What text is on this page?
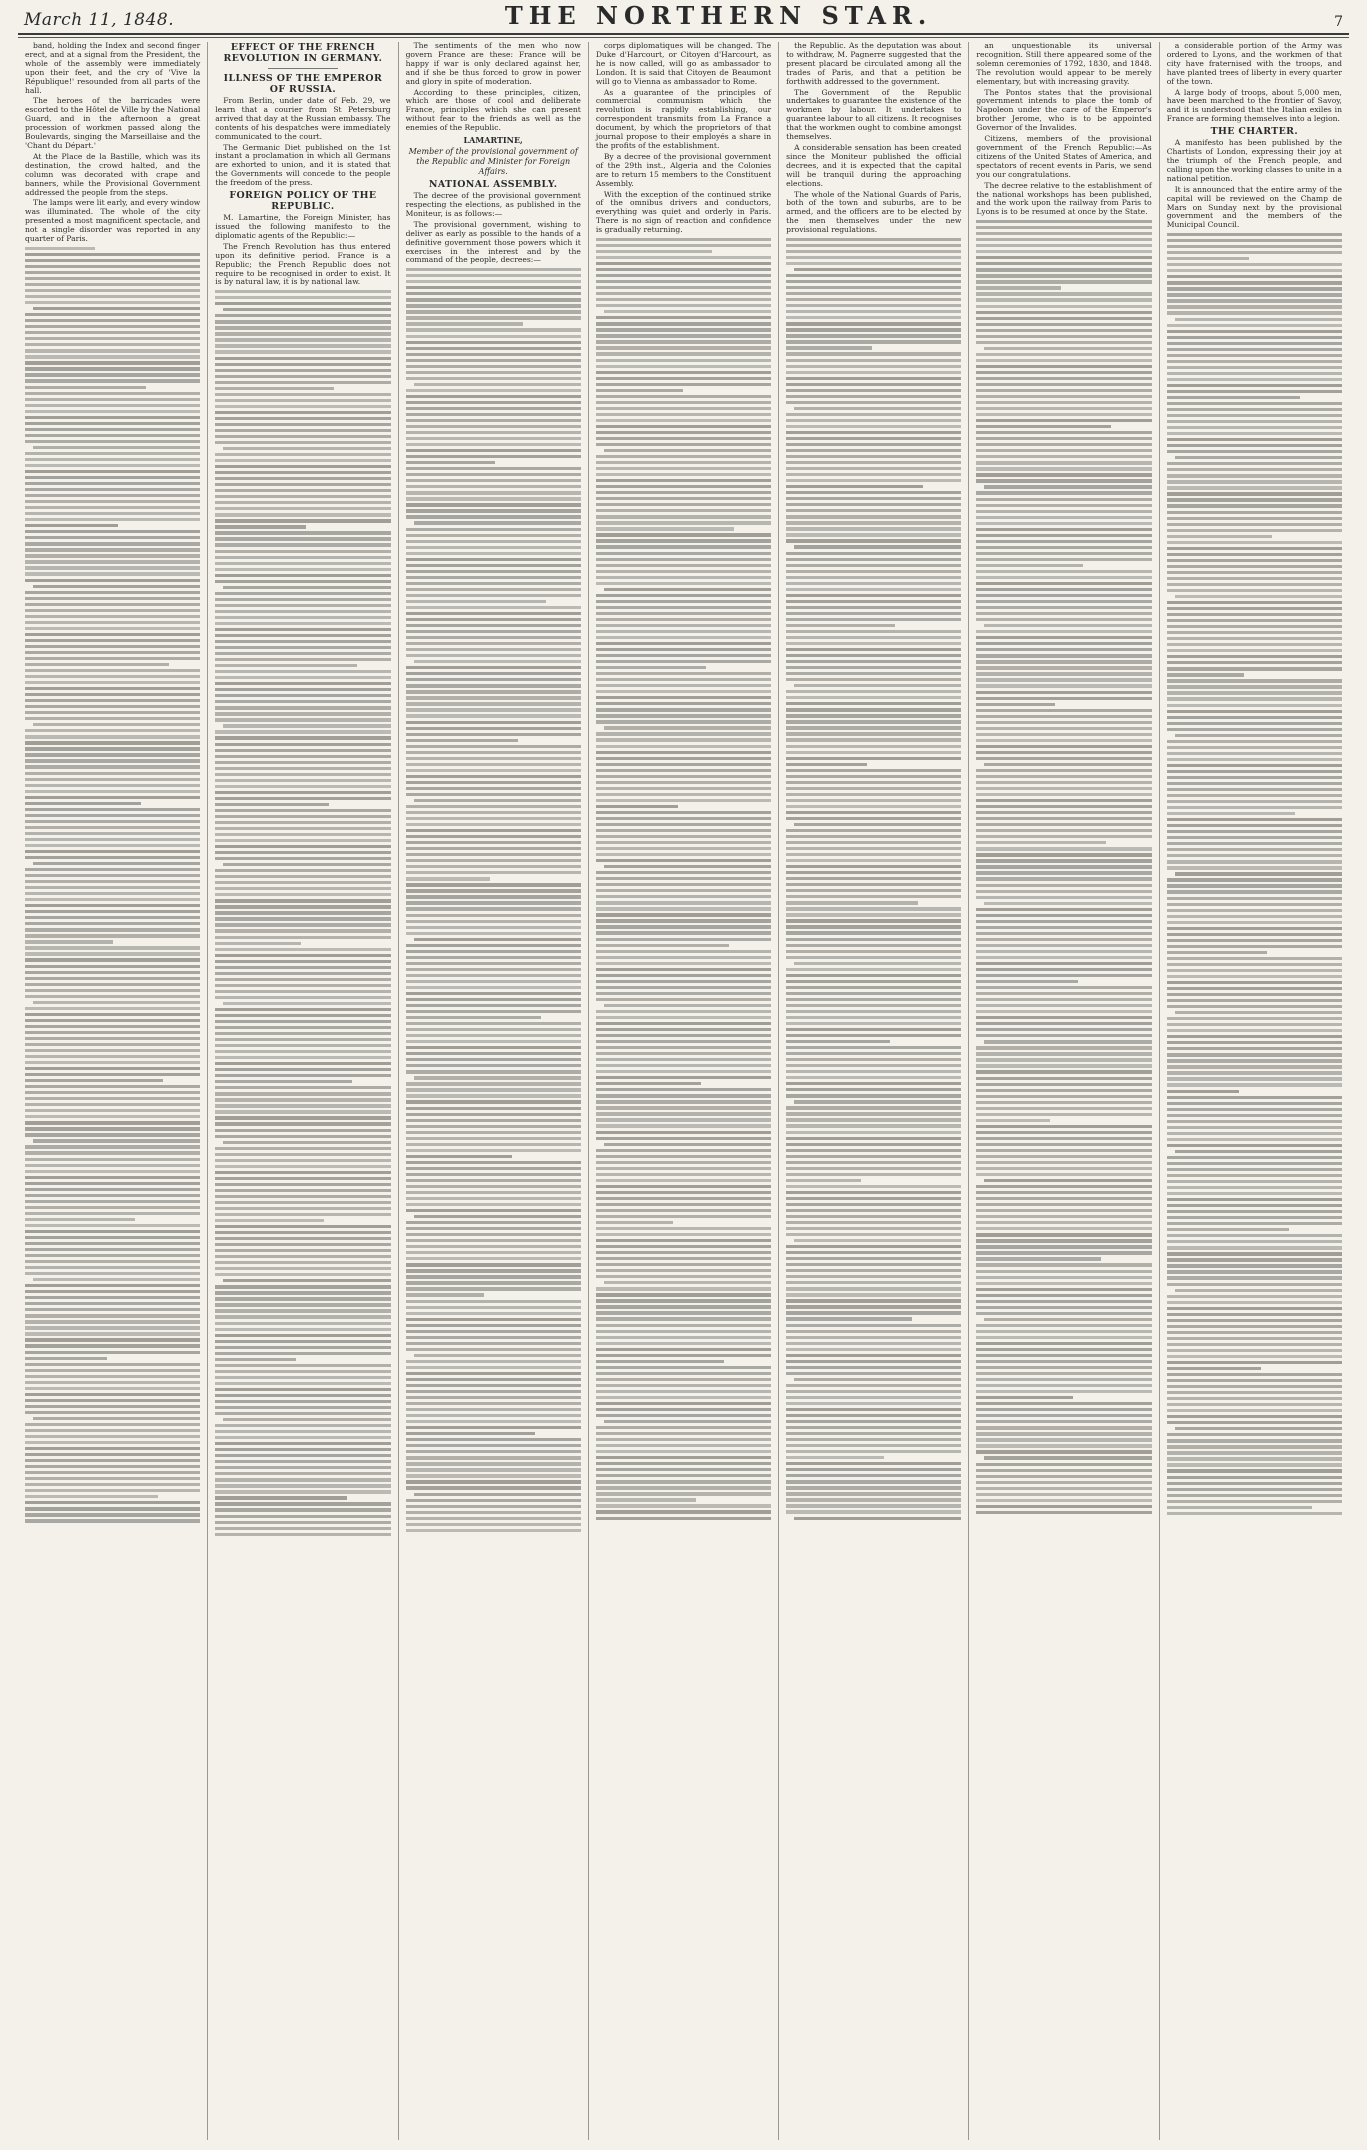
March 11, 1848.	THE NORTHERN STAR.	7

band, holding the Index and second finger erect, and at a signal from the President, the whole of the assembly were immediately upon their feet, and the cry of 'Vive la République!' resounded from all parts of the hall.

The heroes of the barricades were escorted to the Hôtel de Ville by the National Guard, and in the afternoon a great procession of workmen passed along the Boulevards, singing the Marseillaise and the 'Chant du Départ.'

At the Place de la Bastille, which was its destination, the crowd halted, and the column was decorated with crape and banners, while the Provisional Government addressed the people from the steps.

The lamps were lit early, and every window was illuminated. The whole of the city presented a most magnificent spectacle, and not a single disorder was reported in any quarter of Paris.

EFFECT OF THE FRENCH REVOLUTION IN GERMANY.

ILLNESS OF THE EMPEROR OF RUSSIA.

From Berlin, under date of Feb. 29, we learn that a courier from St Petersburg arrived that day at the Russian embassy. The contents of his despatches were immediately communicated to the court.

The Germanic Diet published on the 1st instant a proclamation in which all Germans are exhorted to union, and it is stated that the Governments will concede to the people the freedom of the press.

FOREIGN POLICY OF THE REPUBLIC.

M. Lamartine, the Foreign Minister, has issued the following manifesto to the diplomatic agents of the Republic:—

The French Revolution has thus entered upon its definitive period. France is a Republic; the French Republic does not require to be recognised in order to exist. It is by natural law, it is by national law.

The sentiments of the men who now govern France are these: France will be happy if war is only declared against her, and if she be thus forced to grow in power and glory in spite of moderation.

According to these principles, citizen, which are those of cool and deliberate France, principles which she can present without fear to the friends as well as the enemies of the Republic.

LAMARTINE,

Member of the provisional government of the Republic and Minister for Foreign Affairs.

NATIONAL ASSEMBLY.

The decree of the provisional government respecting the elections, as published in the Moniteur, is as follows:—

The provisional government, wishing to deliver as early as possible to the hands of a definitive government those powers which it exercises in the interest and by the command of the people, decrees:—

corps diplomatiques will be changed. The Duke d'Harcourt, or Citoyen d'Harcourt, as he is now called, will go as ambassador to London. It is said that Citoyen de Beaumont will go to Vienna as ambassador to Rome.

As a guarantee of the principles of commercial communism which the revolution is rapidly establishing, our correspondent transmits from La France a document, by which the proprietors of that journal propose to their employés a share in the profits of the establishment.

By a decree of the provisional government of the 29th inst., Algeria and the Colonies are to return 15 members to the Constituent Assembly.

With the exception of the continued strike of the omnibus drivers and conductors, everything was quiet and orderly in Paris. There is no sign of reaction and confidence is gradually returning.

the Republic. As the deputation was about to withdraw, M. Pagnerre suggested that the present placard be circulated among all the trades of Paris, and that a petition be forthwith addressed to the government.

The Government of the Republic undertakes to guarantee the existence of the workmen by labour. It undertakes to guarantee labour to all citizens. It recognises that the workmen ought to combine amongst themselves.

A considerable sensation has been created since the Moniteur published the official decrees, and it is expected that the capital will be tranquil during the approaching elections.

The whole of the National Guards of Paris, both of the town and suburbs, are to be armed, and the officers are to be elected by the men themselves under the new provisional regulations.

an unquestionable its universal recognition. Still there appeared some of the solemn ceremonies of 1792, 1830, and 1848. The revolution would appear to be merely elementary, but with increasing gravity.

The Pontos states that the provisional government intends to place the tomb of Napoleon under the care of the Emperor's brother Jerome, who is to be appointed Governor of the Invalides.

Citizens, members of the provisional government of the French Republic:—As citizens of the United States of America, and spectators of recent events in Paris, we send you our congratulations.

The decree relative to the establishment of the national workshops has been published, and the work upon the railway from Paris to Lyons is to be resumed at once by the State.

a considerable portion of the Army was ordered to Lyons, and the workmen of that city have fraternised with the troops, and have planted trees of liberty in every quarter of the town.

A large body of troops, about 5,000 men, have been marched to the frontier of Savoy, and it is understood that the Italian exiles in France are forming themselves into a legion.

THE CHARTER.

A manifesto has been published by the Chartists of London, expressing their joy at the triumph of the French people, and calling upon the working classes to unite in a national petition.

It is announced that the entire army of the capital will be reviewed on the Champ de Mars on Sunday next by the provisional government and the members of the Municipal Council.
